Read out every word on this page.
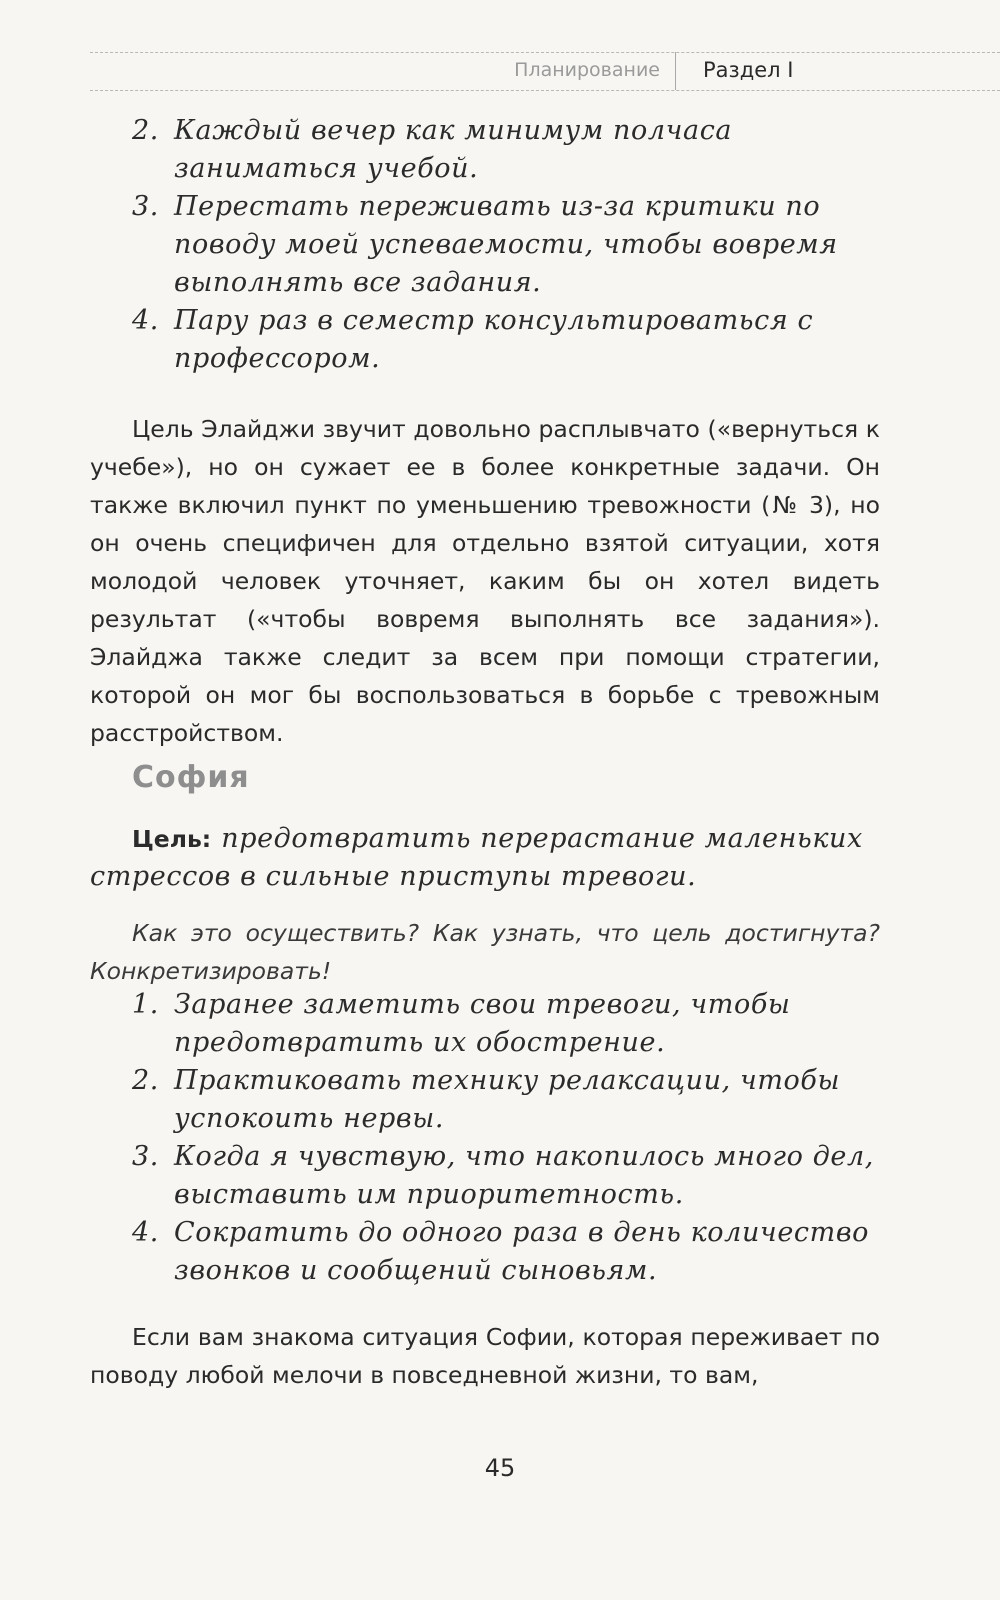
Планирование Раздел I
2. Каждый вечер как минимум полчаса заниматься учебой.
3. Перестать переживать из-за критики по поводу моей успеваемости, чтобы вовремя выполнять все задания.
4. Пару раз в семестр консультироваться с профессором.

Цель Элайджи звучит довольно расплывчато («вернуться к учебе»), но он сужает ее в более конкретные задачи. Он также включил пункт по уменьшению тревожности (№ 3), но он очень специфичен для отдельно взятой ситуации, хотя молодой человек уточняет, каким бы он хотел видеть результат («чтобы вовремя выполнять все задания»). Элайджа также следит за всем при помощи стратегии, которой он мог бы воспользоваться в борьбе с тревожным расстройством.

София
Цель: предотвратить перерастание маленьких
стрессов в сильные приступы тревоги.

Как это осуществить? Как узнать, что цель достигнута? Конкретизировать!

1. Заранее заметить свои тревоги, чтобы предотвратить их обострение.
2. Практиковать технику релаксации, чтобы успокоить нервы.
3. Когда я чувствую, что накопилось много дел, выставить им приоритетность.
4. Сократить до одного раза в день количество звонков и сообщений сыновьям.

Если вам знакома ситуация Софии, которая переживает по поводу любой мелочи в повседневной жизни, то вам,

45
